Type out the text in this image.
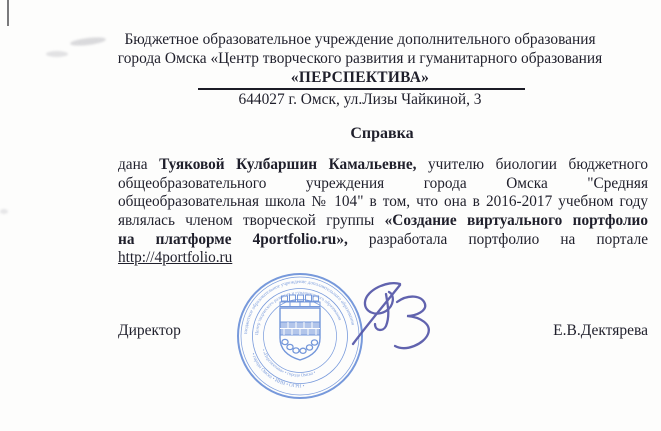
Бюджетное образовательное учреждение дополнительного образования
города Омска «Центр творческого развития и гуманитарного образования
«ПЕРСПЕКТИВА»
644027 г. Омск, ул.Лизы Чайкиной, 3
Справка
дана Туяковой Кулбаршин Камальевне, учителю биологии бюджетного
общеобразовательного учреждения города Омска "Средняя
общеобразовательная школа № 104" в том, что она в 2016-2017 учебном году
являлась членом творческой группы «Создание виртуального портфолио
на платформе 4portfolio.ru», разработала портфолио на портале
http://4portfolio.ru
Директор	Е.В.Дектярева
Бюджетное образовательное учреждение дополнительного образования
• города Омска • ИНН • ОГРН •
Центр творческого развития и гуманитарного образования
• «Перспектива» • города Омска •
